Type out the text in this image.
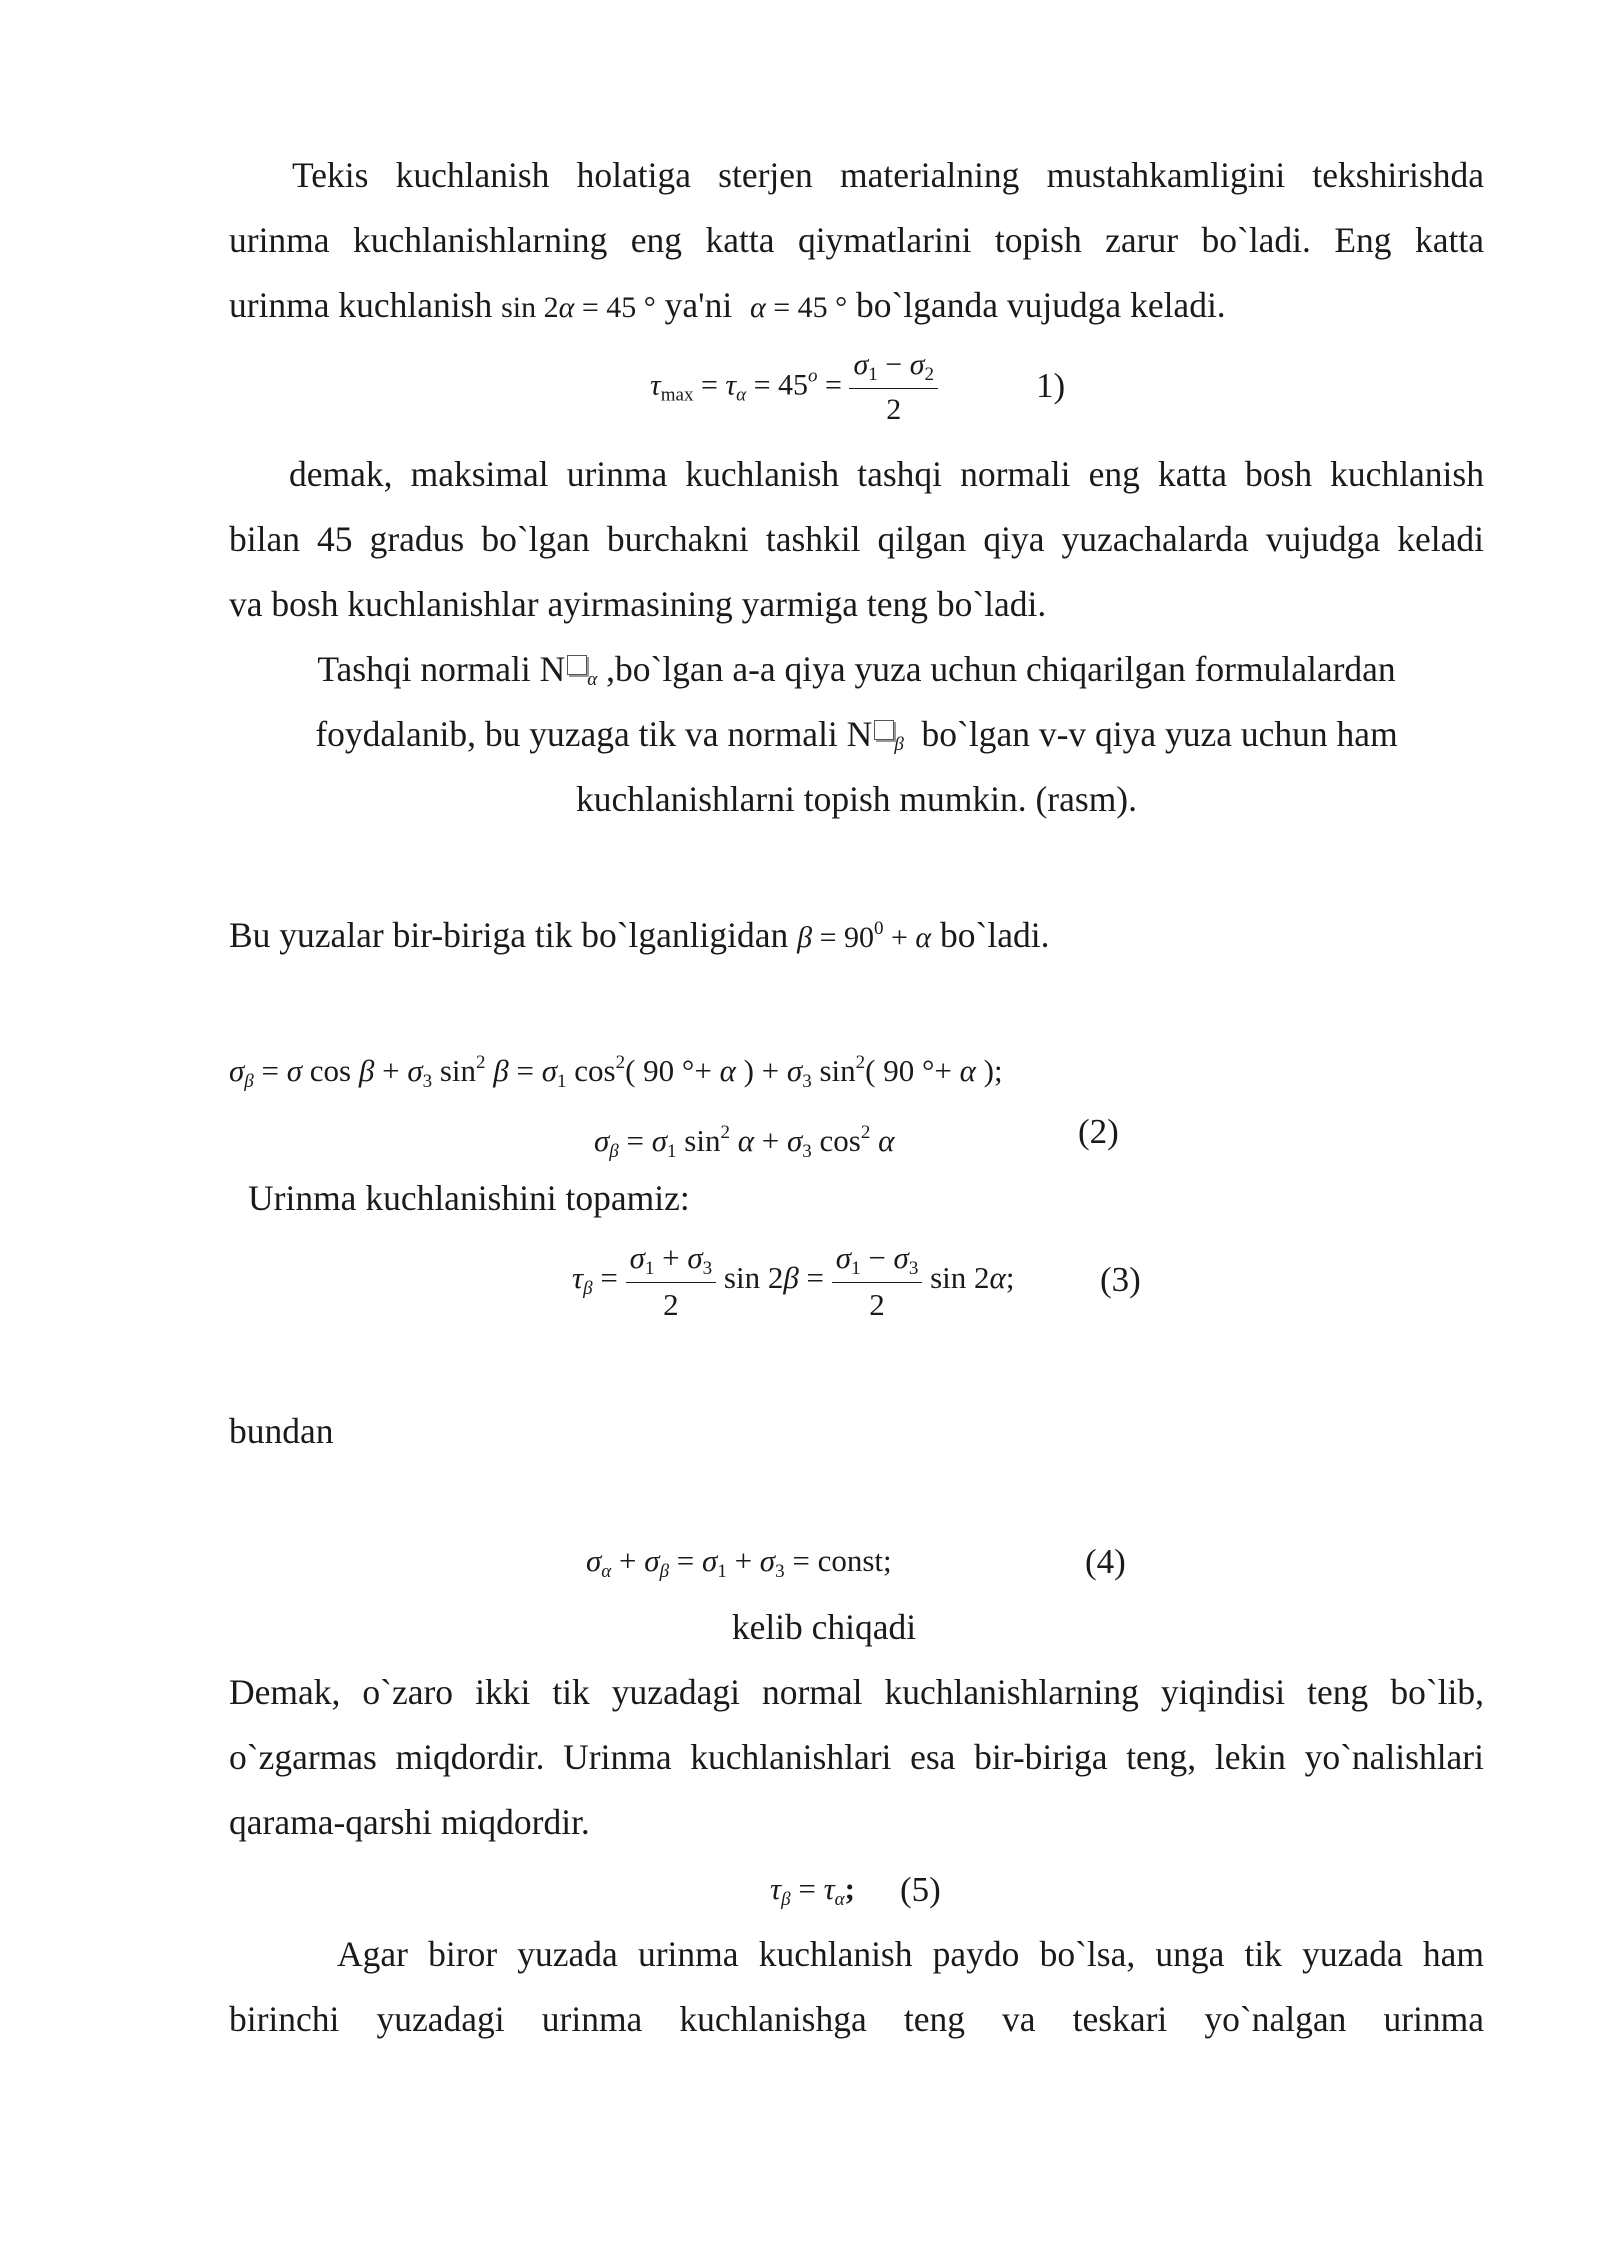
Tekis kuchlanish holatiga sterjen materialning mustahkamligini tekshirishda
urinma kuchlanishlarning eng katta qiymatlarini topish zarur bo`ladi. Eng katta
urinma kuchlanish sin 2α = 45 ° ya'ni α = 45 ° bo`lganda vujudga keladi.
$\tau_{max} = \tau_\alpha = 45^o = \frac{\sigma_1 - \sigma_2}{2}$	1)
demak, maksimal urinma kuchlanish tashqi normali eng katta bosh kuchlanish
bilan 45 gradus bo`lgan burchakni tashkil qilgan qiya yuzachalarda vujudga keladi
va bosh kuchlanishlar ayirmasining yarmiga teng bo`ladi.
Tashqi normali N α ,bo`lgan a-a qiya yuza uchun chiqarilgan formulalardan
foydalanib, bu yuzaga tik va normali N β bo`lgan v-v qiya yuza uchun ham
kuchlanishlarni topish mumkin. (rasm).
Bu yuzalar bir-biriga tik bo`lganligidan $\beta = 90^0 + \alpha$ bo`ladi.
$\sigma_\beta = \sigma$ $\cos \beta + \sigma_3$ $\sin^2 \beta = \sigma_1$ $\cos^2$( 90 °+ α ) + $\sigma_3$ $\sin^2$( 90 °+ α );
$\sigma_\beta = \sigma_1$ $\sin^2 \alpha + \sigma_3$ $\cos^2 \alpha$	(2)
Urinma kuchlanishini topamiz:
$\tau_\beta = \frac{\sigma_1 + \sigma_3}{2}$ $\sin 2\beta = \frac{\sigma_1 - \sigma_3}{2}$ sin 2α; (3)
bundan
$\sigma_\alpha + \sigma_\beta = \sigma_1 + \sigma_3$ = const;	(4)
kelib chiqadi
Demak, o`zaro ikki tik yuzadagi normal kuchlanishlarning yiqindisi teng bo`lib,
o`zgarmas miqdordir. Urinma kuchlanishlari esa bir-biriga teng, lekin yo`nalishlari
qarama-qarshi miqdordir.
$\tau_\beta = \tau_\alpha$; (5)
Agar biror yuzada urinma kuchlanish paydo bo`lsa, unga tik yuzada ham
birinchi yuzadagi urinma kuchlanishga teng va teskari yo`nalgan urinma
